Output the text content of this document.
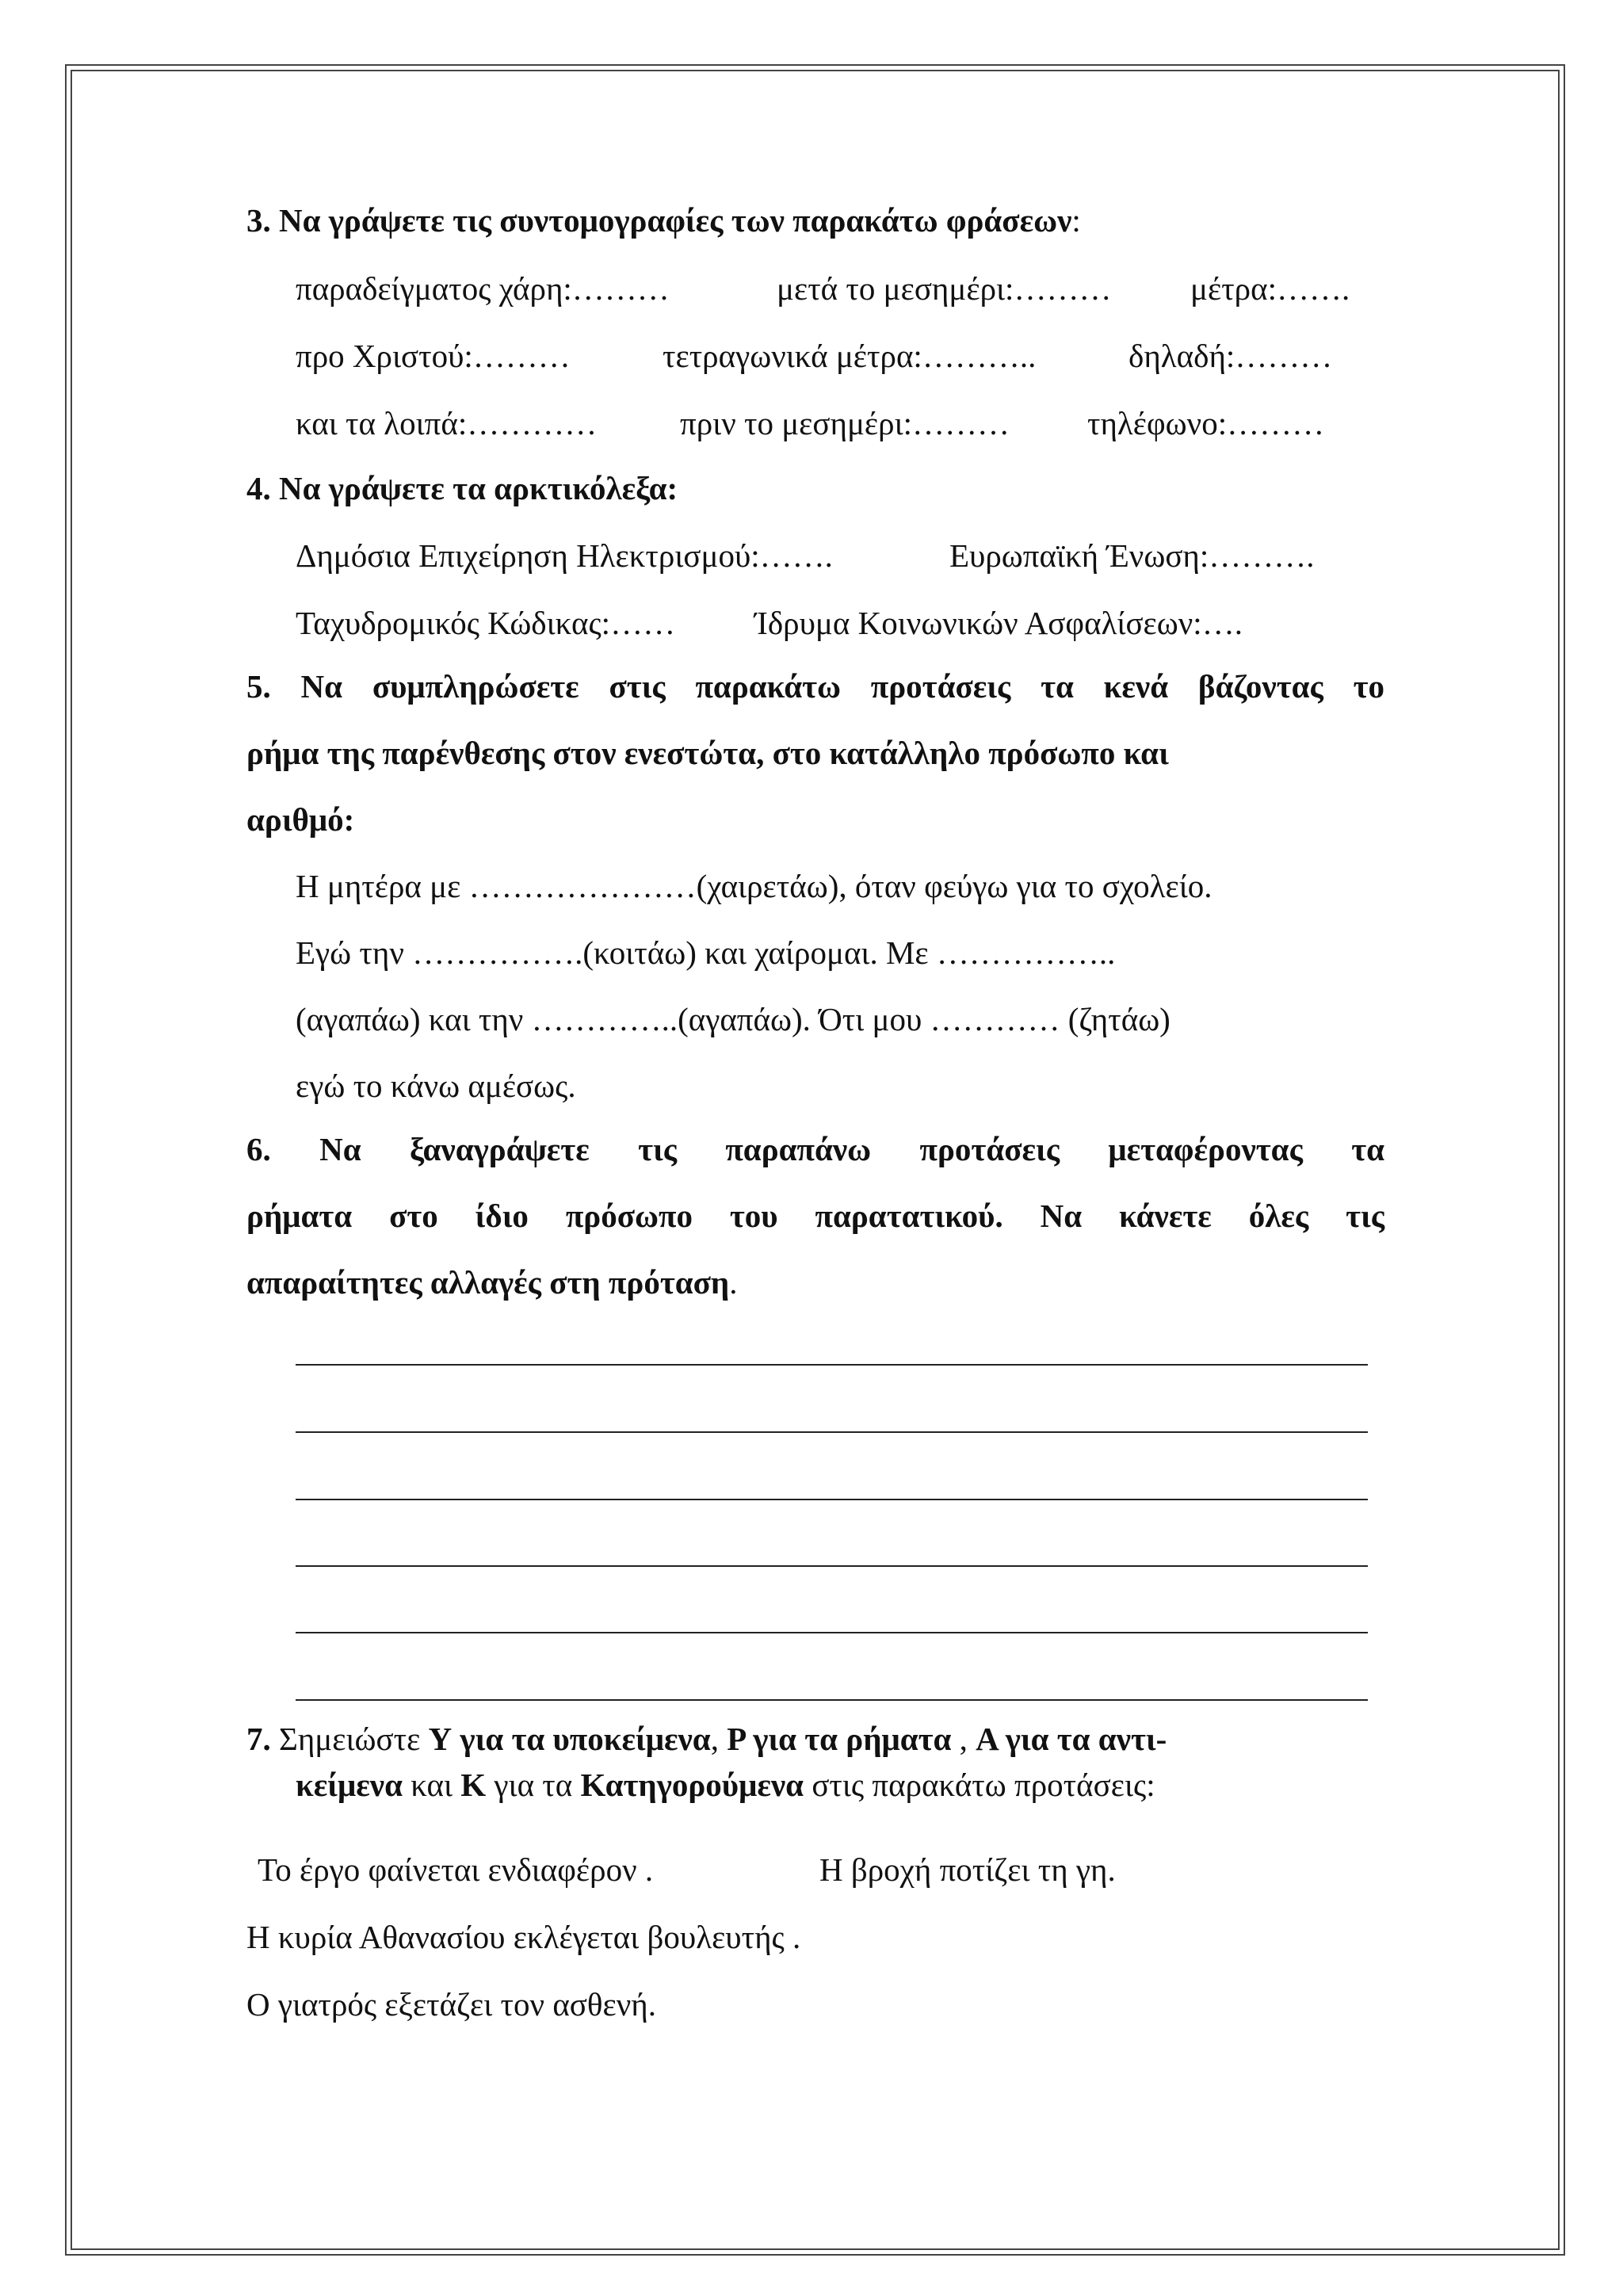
3. Να γράψετε τις συντομογραφίες των παρακάτω φράσεων:
παραδείγματος χάρη:………	μετά το μεσημέρι:……… μέτρα:…….
προ Χριστού:………	τετραγωνικά μέτρα:………..	δηλαδή:………
και τα λοιπά:…………	πριν το μεσημέρι:……… τηλέφωνο:………
4. Να γράψετε τα αρκτικόλεξα:
Δημόσια Επιχείρηση Ηλεκτρισμού:…….	Ευρωπαϊκή Ένωση:……….
Ταχυδρομικός Κώδικας:…… Ίδρυμα Κοινωνικών Ασφαλίσεων:….
5. Να συμπληρώσετε στις παρακάτω προτάσεις τα κενά βάζοντας το
ρήμα της παρένθεσης στον ενεστώτα, στο κατάλληλο πρόσωπο και
αριθμό:
Η μητέρα με …………………(χαιρετάω), όταν φεύγω για το σχολείο.
Εγώ την …………….(κοιτάω) και χαίρομαι. Με ……………..
(αγαπάω) και την …………..(αγαπάω). Ότι μου ………… (ζητάω)
εγώ το κάνω αμέσως.
6. Να ξαναγράψετε τις παραπάνω προτάσεις μεταφέροντας τα
ρήματα στο ίδιο πρόσωπο του παρατατικού. Να κάνετε όλες τις
απαραίτητες αλλαγές στη πρόταση.
7. Σημειώστε Υ για τα υποκείμενα, Ρ για τα ρήματα , Α για τα αντι-
κείμενα και Κ για τα Κατηγορούμενα στις παρακάτω προτάσεις:
Το έργο φαίνεται ενδιαφέρον .	Η βροχή ποτίζει τη γη.
Η κυρία Αθανασίου εκλέγεται βουλευτής .
Ο γιατρός εξετάζει τον ασθενή.
